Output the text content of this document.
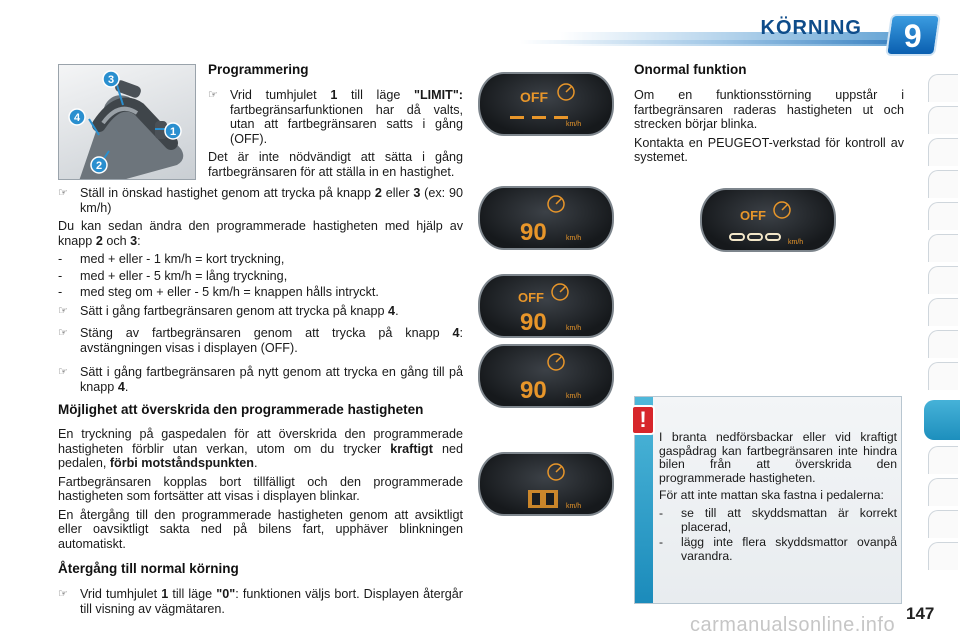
KÖRNING	9
3
4
1
2
Programmering
☞ Vrid tumhjulet 1 till läge "LIMIT": fartbegränsarfunktionen har då valts, utan att fartbegränsaren satts i gång (OFF).

Det är inte nödvändigt att sätta i gång fartbegränsaren för att ställa in en hastighet.

☞ Ställ in önskad hastighet genom att trycka på knapp 2 eller 3 (ex: 90 km/h)

Du kan sedan ändra den programmerade hastigheten med hjälp av knapp 2 och 3:

-	med + eller - 1 km/h = kort tryckning,
-	med + eller - 5 km/h = lång tryckning,
-	med steg om + eller - 5 km/h = knappen hålls intryckt.
☞ Sätt i gång fartbegränsaren genom att trycka på knapp 4.
☞ Stäng av fartbegränsaren genom att trycka på knapp 4: avstängningen visas i displayen (OFF).
☞ Sätt i gång fartbegränsaren på nytt genom att trycka en gång till på knapp 4.
Möjlighet att överskrida den programmerade hastigheten

En tryckning på gaspedalen för att överskrida den programmerade hastigheten förblir utan verkan, utom om du trycker kraftigt ned pedalen, förbi motståndspunkten.

Fartbegränsaren kopplas bort tillfälligt och den programmerade hastigheten som fortsätter att visas i displayen blinkar.

En återgång till den programmerade hastigheten genom att avsiktligt eller oavsiktligt sakta ned på bilens fart, upphäver blinkningen automatiskt.

Återgång till normal körning
☞ Vrid tumhjulet 1 till läge "0": funktionen väljs bort. Displayen återgår till visning av vägmätaren.
OFF
km/h
90	km/h
OFF
90	km/h
90	km/h
km/h
OFF
km/h
Onormal funktion

Om en funktionsstörning uppstår i fartbegränsaren raderas hastigheten ut och strecken börjar blinka.

Kontakta en PEUGEOT-verkstad för kontroll av systemet.

!

I branta nedförsbackar eller vid kraftigt gaspådrag kan fartbegränsaren inte hindra bilen från att överskrida den programmerade hastigheten.

För att inte mattan ska fastna i pedalerna:

-	se till att skyddsmattan är korrekt placerad,
-	lägg inte flera skyddsmattor ovanpå varandra.
carmanualsonline.info
147
